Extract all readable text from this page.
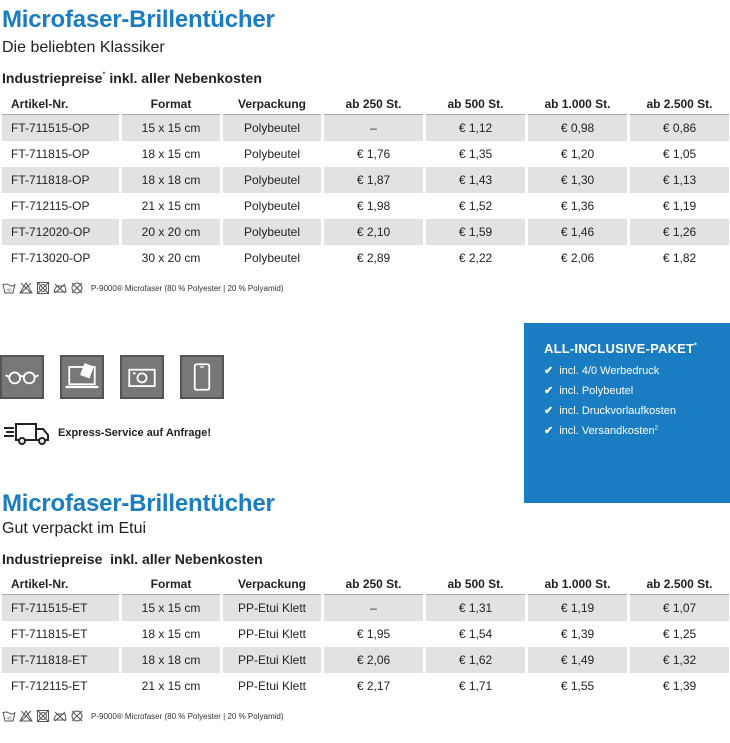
Microfaser-Brillentücher
Die beliebten Klassiker
Industriepreise* inkl. aller Nebenkosten
Artikel-Nr.	Format	Verpackung	ab 250 St.	ab 500 St.	ab 1.000 St.	ab 2.500 St.
FT-711515-OP	15 x 15 cm	Polybeutel	–	€ 1,12	€ 0,98	€ 0,86
FT-711815-OP	18 x 15 cm	Polybeutel	€ 1,76	€ 1,35	€ 1,20	€ 1,05
FT-711818-OP	18 x 18 cm	Polybeutel	€ 1,87	€ 1,43	€ 1,30	€ 1,13
FT-712115-OP	21 x 15 cm	Polybeutel	€ 1,98	€ 1,52	€ 1,36	€ 1,19
FT-712020-OP	20 x 20 cm	Polybeutel	€ 2,10	€ 1,59	€ 1,46	€ 1,26
FT-713020-OP	30 x 20 cm	Polybeutel	€ 2,89	€ 2,22	€ 2,06	€ 1,82
40	P-9000® Microfaser (80 % Polyester | 20 % Polyamid)
Express-Service auf Anfrage!
ALL-INCLUSIVE-PAKET*
✔ incl. 4/0 Werbedruck
✔ incl. Polybeutel
✔ incl. Druckvorlaufkosten
✔ incl. Versandkosten$^2$
Microfaser-Brillentücher
Gut verpackt im Etui
Industriepreise  inkl. aller Nebenkosten
Artikel-Nr.	Format	Verpackung	ab 250 St.	ab 500 St.	ab 1.000 St.	ab 2.500 St.
FT-711515-ET	15 x 15 cm	PP-Etui Klett	–	€ 1,31	€ 1,19	€ 1,07
FT-711815-ET	18 x 15 cm	PP-Etui Klett	€ 1,95	€ 1,54	€ 1,39	€ 1,25
FT-711818-ET	18 x 18 cm	PP-Etui Klett	€ 2,06	€ 1,62	€ 1,49	€ 1,32
FT-712115-ET	21 x 15 cm	PP-Etui Klett	€ 2,17	€ 1,71	€ 1,55	€ 1,39
40	P-9000® Microfaser (80 % Polyester | 20 % Polyamid)
